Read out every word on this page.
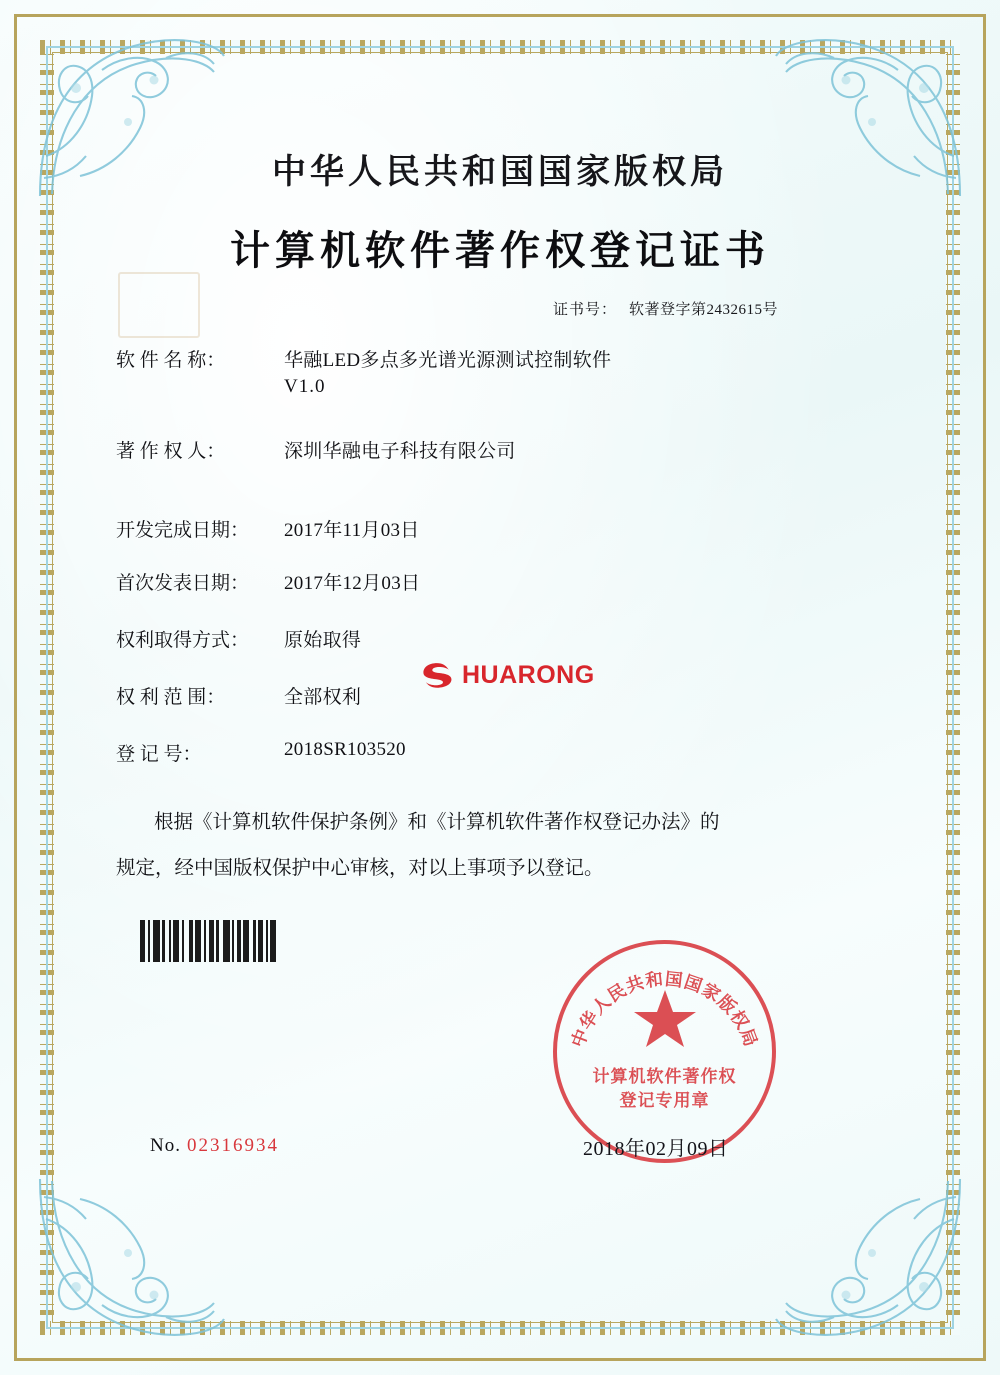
中华人民共和国国家版权局
计算机软件著作权登记证书
证书号： 软著登字第2432615号
软 件 名 称：	华融LED多点多光谱光源测试控制软件
V1.0
著 作 权 人：	深圳华融电子科技有限公司
开发完成日期：	2017年11月03日
首次发表日期：	2017年12月03日
权利取得方式：	原始取得
权 利 范 围：	全部权利
登 记 号：	2018SR103520
根据《计算机软件保护条例》和《计算机软件著作权登记办法》的
规定，经中国版权保护中心审核，对以上事项予以登记。
HUARONG
中华人民共和国国家版权局
计算机软件著作权
登记专用章
2018年02月09日
No. 02316934
